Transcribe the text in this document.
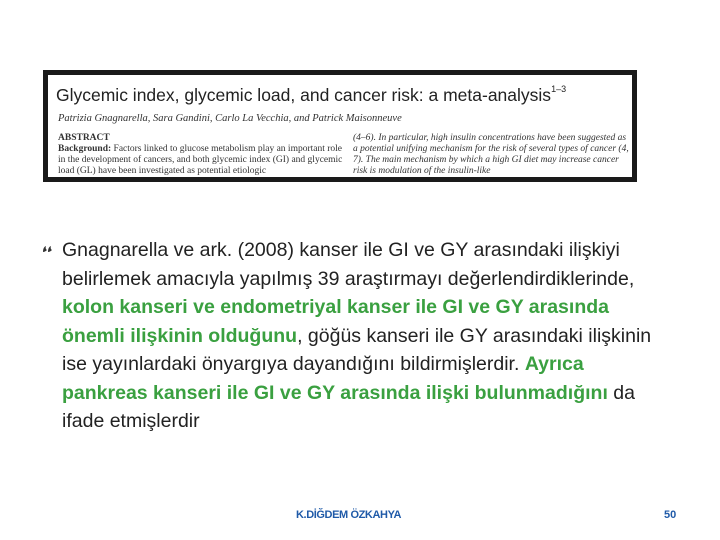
Glycemic index, glycemic load, and cancer risk: a meta-analysis$^{1-3}$
Patrizia Gnagnarella, Sara Gandini, Carlo La Vecchia, and Patrick Maisonneuve
ABSTRACT
Background: Factors linked to glucose metabolism play an important role in the development of cancers, and both glycemic index (GI) and glycemic load (GL) have been investigated as potential etiologic
(4–6). In particular, high insulin concentrations have been suggested as a potential unifying mechanism for the risk of several types of cancer (4, 7). The main mechanism by which a high GI diet may increase cancer risk is modulation of the insulin-like

Gnagnarella ve ark. (2008) kanser ile GI ve GY arasındaki ilişkiyi belirlemek amacıyla yapılmış 39 araştırmayı değerlendirdiklerinde, kolon kanseri ve endometriyal kanser ile GI ve GY arasında önemli ilişkinin olduğunu, göğüs kanseri ile GY arasındaki ilişkinin ise yayınlardaki önyargıya dayandığını bildirmişlerdir. Ayrıca pankreas kanseri ile GI ve GY arasında ilişki bulunmadığını da ifade etmişlerdir

K.DİĞDEM ÖZKAHYA	50
